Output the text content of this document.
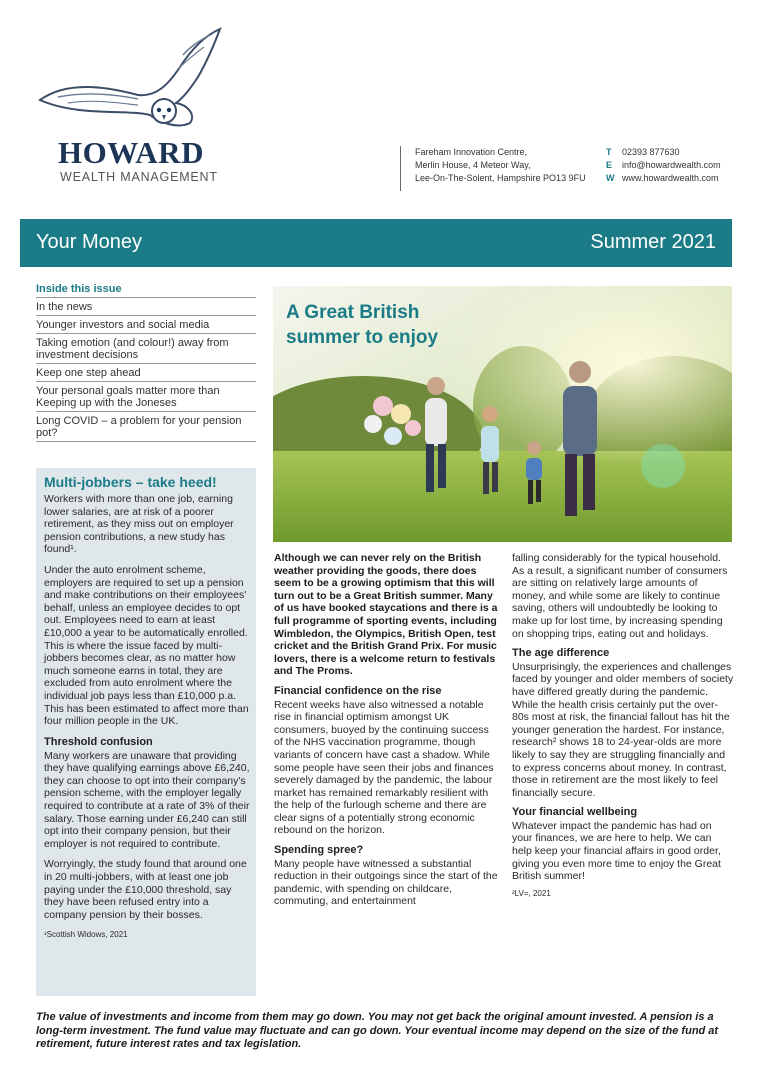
HOWARD
WEALTH MANAGEMENT
Fareham Innovation Centre,
Merlin House, 4 Meteor Way,
Lee-On-The-Solent, Hampshire PO13 9FU
T 02393 877630
E info@howardwealth.com
W www.howardwealth.com
Your Money	Summer 2021
Inside this issue
In the news
Younger investors and social media
Taking emotion (and colour!) away from investment decisions
Keep one step ahead
Your personal goals matter more than Keeping up with the Joneses
Long COVID – a problem for your pension pot?
Multi-jobbers – take heed!

Workers with more than one job, earning lower salaries, are at risk of a poorer retirement, as they miss out on employer pension contributions, a new study has found¹.

Under the auto enrolment scheme, employers are required to set up a pension and make contributions on their employees' behalf, unless an employee decides to opt out. Employees need to earn at least £10,000 a year to be automatically enrolled. This is where the issue faced by multi-jobbers becomes clear, as no matter how much someone earns in total, they are excluded from auto enrolment where the individual job pays less than £10,000 p.a. This has been estimated to affect more than four million people in the UK.

Threshold confusion

Many workers are unaware that providing they have qualifying earnings above £6,240, they can choose to opt into their company's pension scheme, with the employer legally required to contribute at a rate of 3% of their salary. Those earning under £6,240 can still opt into their company pension, but their employer is not required to contribute.

Worryingly, the study found that around one in 20 multi-jobbers, with at least one job paying under the £10,000 threshold, say they have been refused entry into a company pension by their bosses.

¹Scottish Widows, 2021

A Great British summer to enjoy

Although we can never rely on the British weather providing the goods, there does seem to be a growing optimism that this will turn out to be a Great British summer. Many of us have booked staycations and there is a full programme of sporting events, including Wimbledon, the Olympics, British Open, test cricket and the British Grand Prix. For music lovers, there is a welcome return to festivals and The Proms.

Financial confidence on the rise

Recent weeks have also witnessed a notable rise in financial optimism amongst UK consumers, buoyed by the continuing success of the NHS vaccination programme, though variants of concern have cast a shadow. While some people have seen their jobs and finances severely damaged by the pandemic, the labour market has remained remarkably resilient with the help of the furlough scheme and there are clear signs of a potentially strong economic rebound on the horizon.

Spending spree?

Many people have witnessed a substantial reduction in their outgoings since the start of the pandemic, with spending on childcare, commuting, and entertainment

falling considerably for the typical household. As a result, a significant number of consumers are sitting on relatively large amounts of money, and while some are likely to continue saving, others will undoubtedly be looking to make up for lost time, by increasing spending on shopping trips, eating out and holidays.

The age difference

Unsurprisingly, the experiences and challenges faced by younger and older members of society have differed greatly during the pandemic. While the health crisis certainly put the over-80s most at risk, the financial fallout has hit the younger generation the hardest. For instance, research² shows 18 to 24-year-olds are more likely to say they are struggling financially and to express concerns about money. In contrast, those in retirement are the most likely to feel financially secure.

Your financial wellbeing

Whatever impact the pandemic has had on your finances, we are here to help. We can help keep your financial affairs in good order, giving you even more time to enjoy the Great British summer!

²LV=, 2021

The value of investments and income from them may go down. You may not get back the original amount invested. A pension is a long-term investment. The fund value may fluctuate and can go down. Your eventual income may depend on the size of the fund at retirement, future interest rates and tax legislation.
